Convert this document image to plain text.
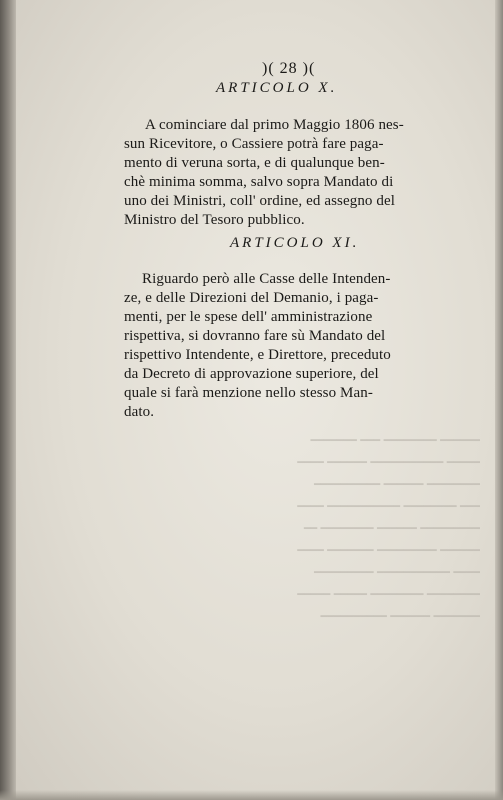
━━━━━━ ━━━━━━━━ ━━━ ━━━━━━━
━━━━━ ━━━━━━━━━━━ ━━━━━━ ━━━━
━━━━━━━━ ━━━━━━ ━━━━━━━━━━
━━━ ━━━━━━━━ ━━━━━━━━━━━ ━━━━
━━━━━━━━━ ━━━━━━ ━━━━━━━━ ━━
━━━━━━ ━━━━━━━━━ ━━━━━━━ ━━━━
━━━━ ━━━━━━━━━━━ ━━━━━━━━━
━━━━━━━━ ━━━━━━━━ ━━━━━ ━━━━━
━━━━━━━ ━━━━━━ ━━━━━━━━━━
)( 28 )(
ARTICOLO X.
A cominciare dal primo Maggio 1806 nes-
sun Ricevitore, o Cassiere potrà fare paga-
mento di veruna sorta, e di qualunque ben-
chè minima somma, salvo sopra Mandato di
uno dei Ministri, coll' ordine, ed assegno del
Ministro del Tesoro pubblico.
ARTICOLO XI.
Riguardo però alle Casse delle Intenden-
ze, e delle Direzioni del Demanio, i paga-
menti, per le spese dell' amministrazione
rispettiva, si dovranno fare sù Mandato del
rispettivo Intendente, e Direttore, preceduto
da Decreto di approvazione superiore, del
quale si farà menzione nello stesso Man-
dato.
